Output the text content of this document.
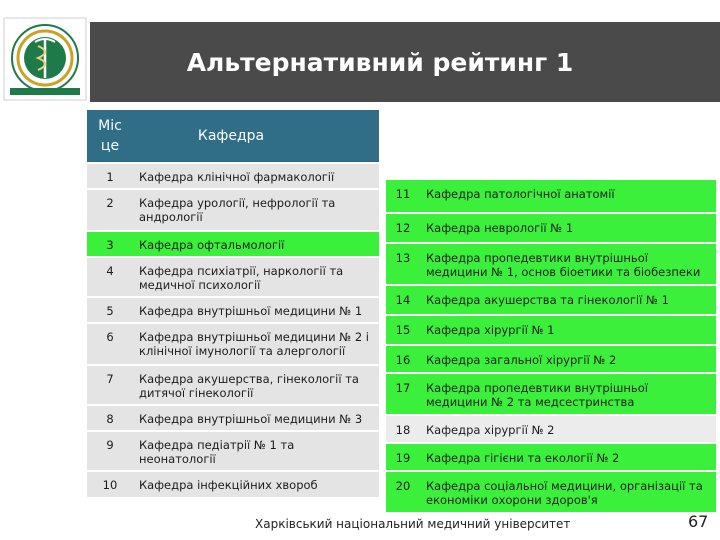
Альтернативний рейтинг 1
Міс
це	Кафедра
1	Кафедра клінічної фармакології
2	Кафедра урології, нефрології та андрології
3	Кафедра офтальмології
4	Кафедра психіатрії, наркології та медичної психології
5	Кафедра внутрішньої медицини № 1
6	Кафедра внутрішньої медицини № 2 і клінічної імунології та алергології
7	Кафедра акушерства, гінекології та дитячої гінекології
8	Кафедра внутрішньої медицини № 3
9	Кафедра педіатрії № 1 та неонатології
10	Кафедра інфекційних хвороб
11	Кафедра патологічної анатомії
12	Кафедра неврології № 1
13	Кафедра пропедевтики внутрішньої медицини № 1, основ біоетики та біобезпеки
14	Кафедра акушерства та гінекології № 1
15	Кафедра хірургії № 1
16	Кафедра загальної хірургії № 2
17	Кафедра пропедевтики внутрішньої медицини № 2 та медсестринства
18	Кафедра хірургії № 2
19	Кафедра гігієни та екології № 2
20	Кафедра соціальної медицини, організації та економіки охорони здоров'я
Харківський національний медичний університет	67
